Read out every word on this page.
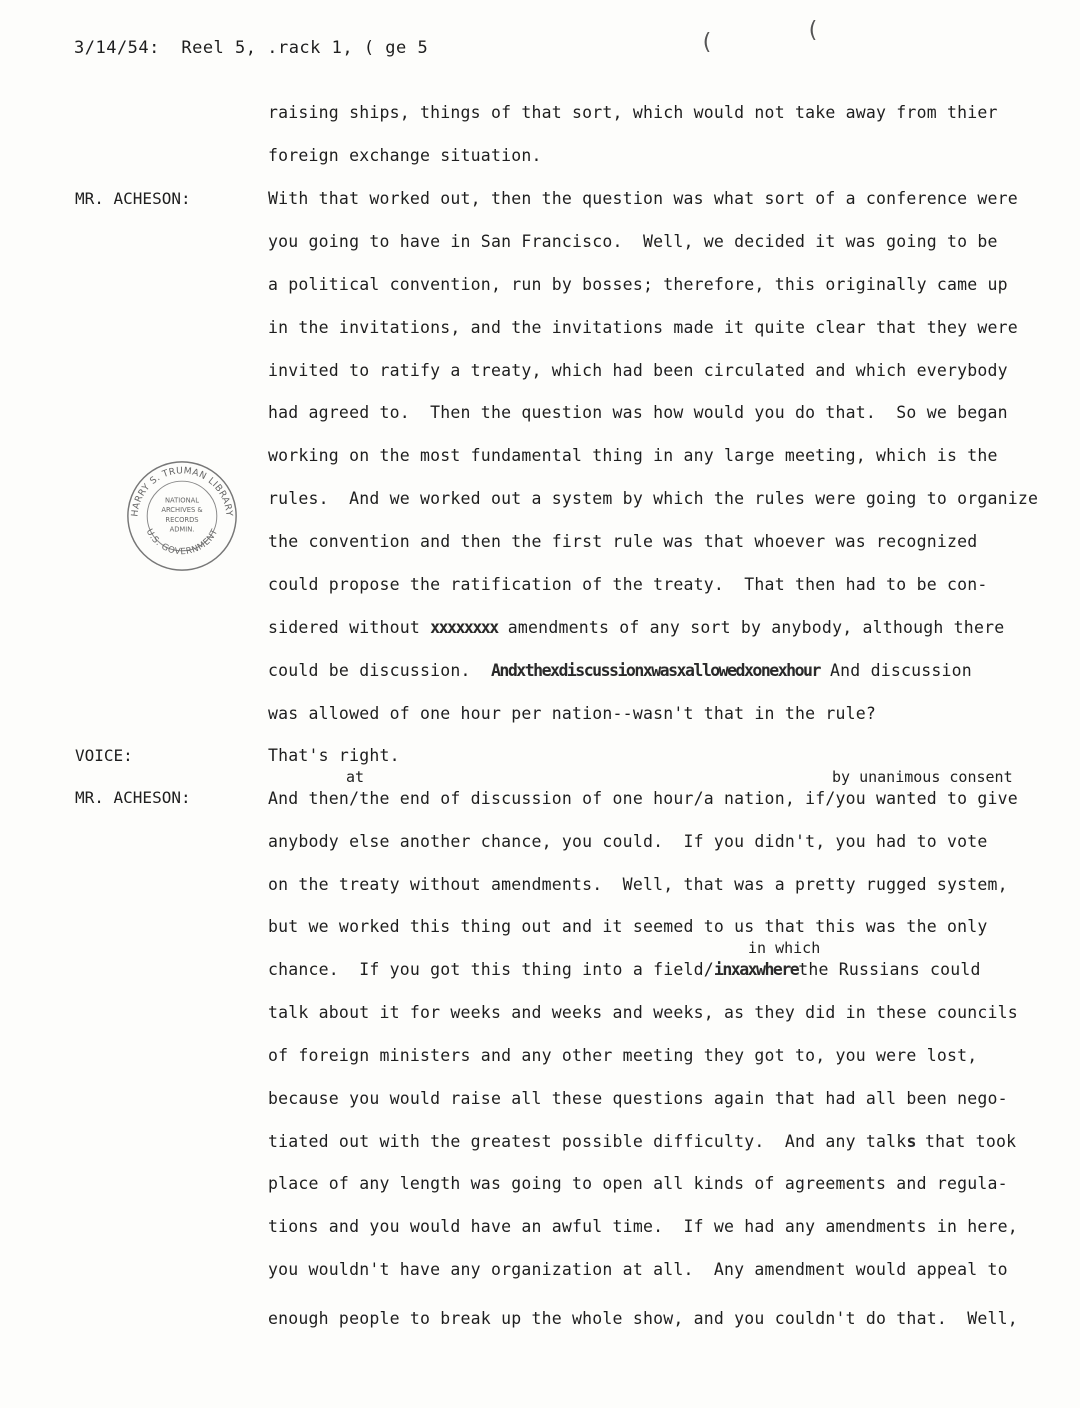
3/14/54:  Reel 5, .rack 1, ( ge 5	(	(
MR. ACHESON:
VOICE:
MR. ACHESON:
raising ships, things of that sort, which would not take away from thier
foreign exchange situation.
With that worked out, then the question was what sort of a conference were
you going to have in San Francisco.  Well, we decided it was going to be
a political convention, run by bosses; therefore, this originally came up
in the invitations, and the invitations made it quite clear that they were
invited to ratify a treaty, which had been circulated and which everybody
had agreed to.  Then the question was how would you do that.  So we began
working on the most fundamental thing in any large meeting, which is the
rules.  And we worked out a system by which the rules were going to organize
the convention and then the first rule was that whoever was recognized
could propose the ratification of the treaty.  That then had to be con-
sidered without xxxxxxxx amendments of any sort by anybody, although there
could be discussion. Andxthexdiscussionxwasxallowedxonexhour And discussion
was allowed of one hour per nation--wasn't that in the rule?
That's right.
at	by unanimous consent
And then/the end of discussion of one hour/a nation, if/you wanted to give
anybody else another chance, you could.  If you didn't, you had to vote
on the treaty without amendments.  Well, that was a pretty rugged system,
but we worked this thing out and it seemed to us that this was the only
in which
chance.  If you got this thing into a field/inxaxwherethe Russians could
talk about it for weeks and weeks and weeks, as they did in these councils
of foreign ministers and any other meeting they got to, you were lost,
because you would raise all these questions again that had all been nego-
tiated out with the greatest possible difficulty.  And any talks that took
place of any length was going to open all kinds of agreements and regula-
tions and you would have an awful time.  If we had any amendments in here,
you wouldn't have any organization at all.  Any amendment would appeal to
enough people to break up the whole show, and you couldn't do that.  Well,
HARRY S. TRUMAN LIBRARY
U.S. GOVERNMENT
NATIONAL
ARCHIVES &
RECORDS
ADMIN.
